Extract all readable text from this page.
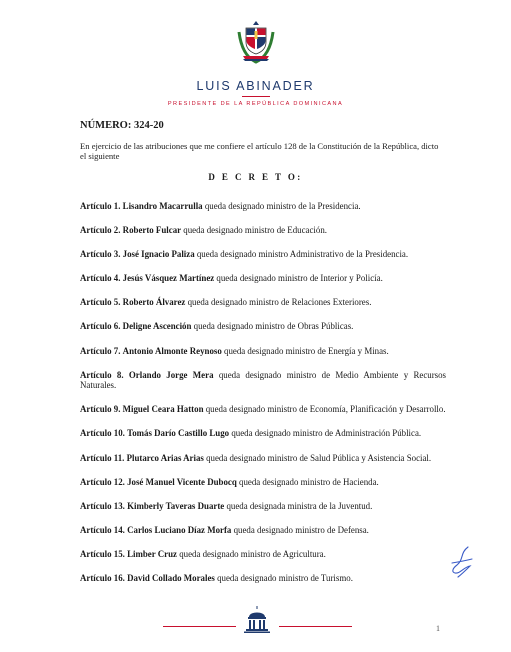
LUIS ABINADER
PRESIDENTE DE LA REPÚBLICA DOMINICANA
NÚMERO: 324-20
En ejercicio de las atribuciones que me confiere el artículo 128 de la Constitución de la República, dicto el siguiente
D E C R E T O:
Artículo 1. Lisandro Macarrulla queda designado ministro de la Presidencia.
Artículo 2. Roberto Fulcar queda designado ministro de Educación.
Artículo 3. José Ignacio Paliza queda designado ministro Administrativo de la Presidencia.
Artículo 4. Jesús Vásquez Martínez queda designado ministro de Interior y Policía.
Artículo 5. Roberto Álvarez queda designado ministro de Relaciones Exteriores.
Artículo 6. Deligne Ascención queda designado ministro de Obras Públicas.
Artículo 7. Antonio Almonte Reynoso queda designado ministro de Energía y Minas.
Artículo 8. Orlando Jorge Mera queda designado ministro de Medio Ambiente y Recursos Naturales.
Artículo 9. Miguel Ceara Hatton queda designado ministro de Economía, Planificación y Desarrollo.
Artículo 10. Tomás Darío Castillo Lugo queda designado ministro de Administración Pública.
Artículo 11. Plutarco Arias Arias queda designado ministro de Salud Pública y Asistencia Social.
Artículo 12. José Manuel Vicente Dubocq queda designado ministro de Hacienda.
Artículo 13. Kimberly Taveras Duarte queda designada ministra de la Juventud.
Artículo 14. Carlos Luciano Díaz Morfa queda designado ministro de Defensa.
Artículo 15. Limber Cruz queda designado ministro de Agricultura.
Artículo 16. David Collado Morales queda designado ministro de Turismo.
1
